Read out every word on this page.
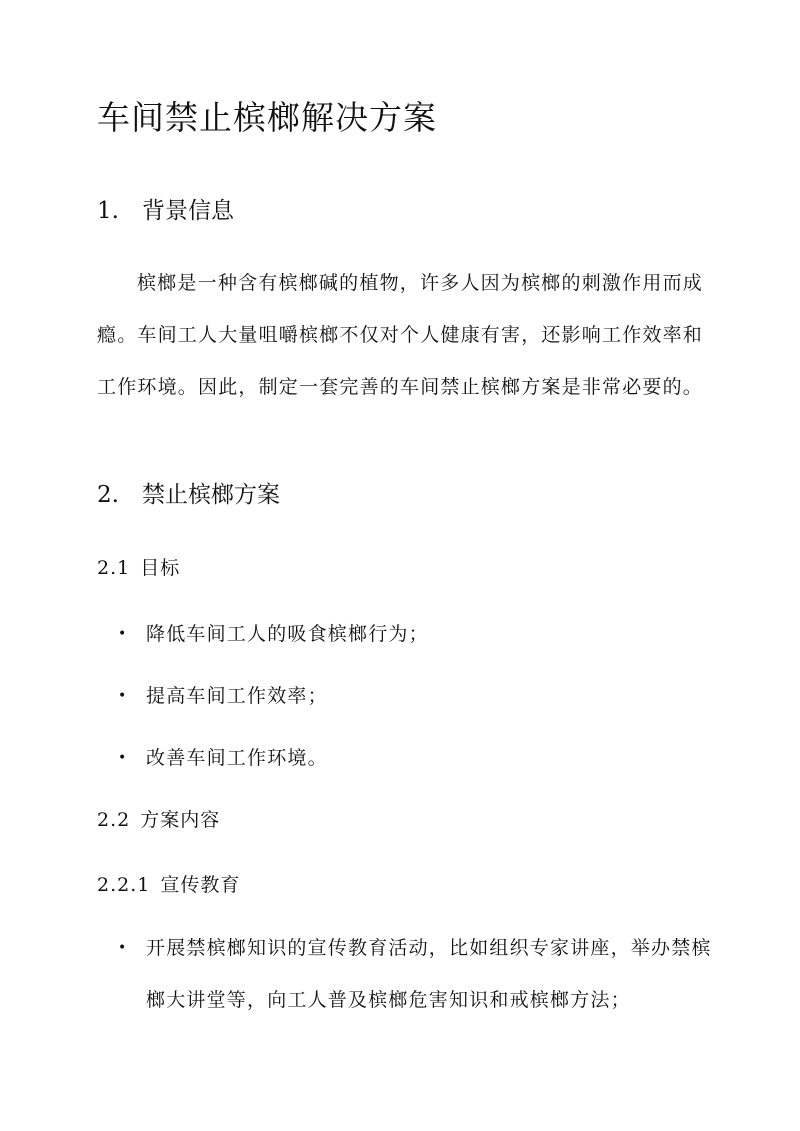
车间禁止槟榔解决方案
1. 背景信息

槟榔是一种含有槟榔碱的植物，许多人因为槟榔的刺激作用而成瘾。车间工人大量咀嚼槟榔不仅对个人健康有害，还影响工作效率和工作环境。因此，制定一套完善的车间禁止槟榔方案是非常必要的。

2. 禁止槟榔方案
2.1 目标

• 降低车间工人的吸食槟榔行为；

• 提高车间工作效率；

• 改善车间工作环境。

2.2 方案内容
2.2.1 宣传教育

• 开展禁槟榔知识的宣传教育活动，比如组织专家讲座，举办禁槟榔大讲堂等，向工人普及槟榔危害知识和戒槟榔方法；
